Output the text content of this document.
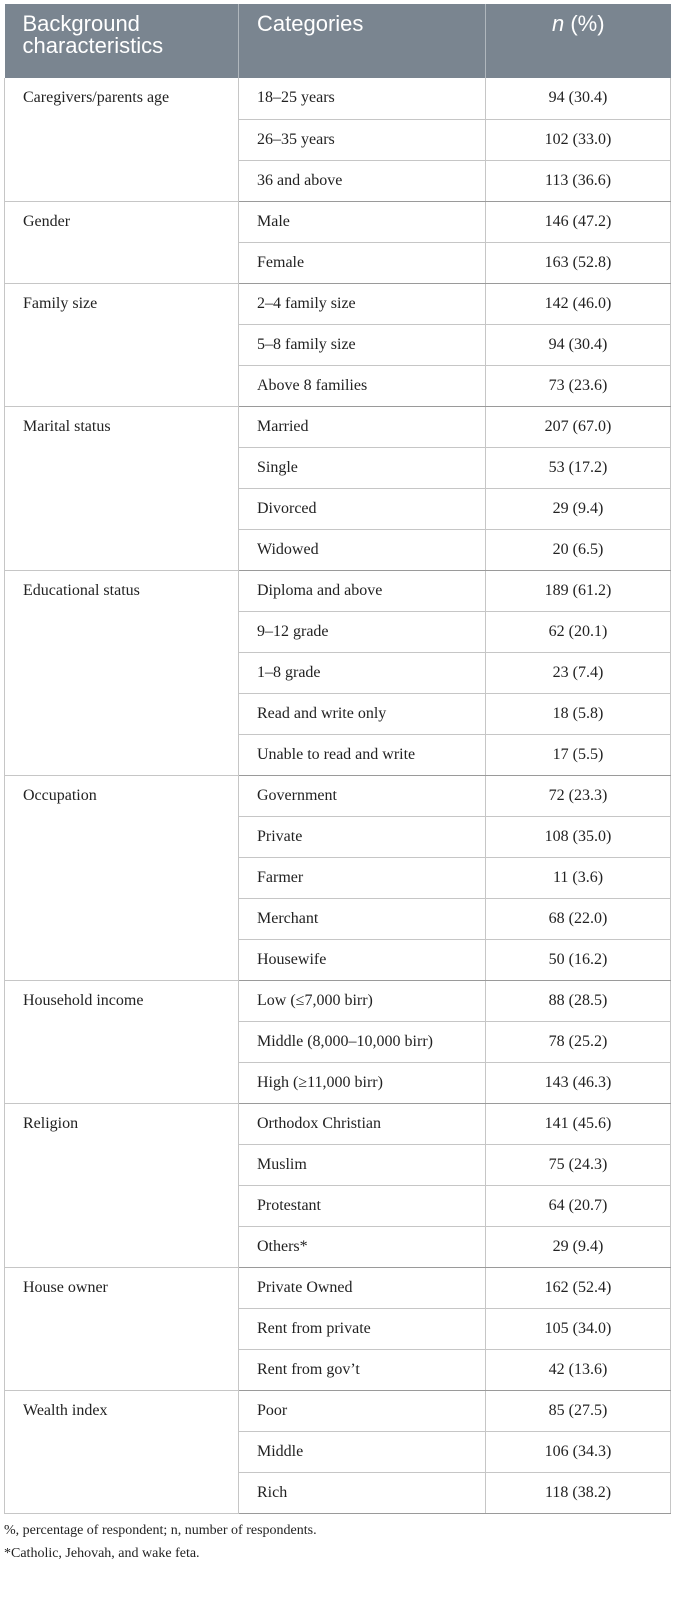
Background characteristics	Categories	n (%)
Caregivers/parents age	18–25 years	94 (30.4)
	26–35 years	102 (33.0)
	36 and above	113 (36.6)
Gender	Male	146 (47.2)
	Female	163 (52.8)
Family size	2–4 family size	142 (46.0)
	5–8 family size	94 (30.4)
	Above 8 families	73 (23.6)
Marital status	Married	207 (67.0)
	Single	53 (17.2)
	Divorced	29 (9.4)
	Widowed	20 (6.5)
Educational status	Diploma and above	189 (61.2)
	9–12 grade	62 (20.1)
	1–8 grade	23 (7.4)
	Read and write only	18 (5.8)
	Unable to read and write	17 (5.5)
Occupation	Government	72 (23.3)
	Private	108 (35.0)
	Farmer	11 (3.6)
	Merchant	68 (22.0)
	Housewife	50 (16.2)
Household income	Low (≤7,000 birr)	88 (28.5)
	Middle (8,000–10,000 birr)	78 (25.2)
	High (≥11,000 birr)	143 (46.3)
Religion	Orthodox Christian	141 (45.6)
	Muslim	75 (24.3)
	Protestant	64 (20.7)
	Others*	29 (9.4)
House owner	Private Owned	162 (52.4)
	Rent from private	105 (34.0)
	Rent from gov’t	42 (13.6)
Wealth index	Poor	85 (27.5)
	Middle	106 (34.3)
	Rich	118 (38.2)

%, percentage of respondent; n, number of respondents.

*Catholic, Jehovah, and wake feta.
